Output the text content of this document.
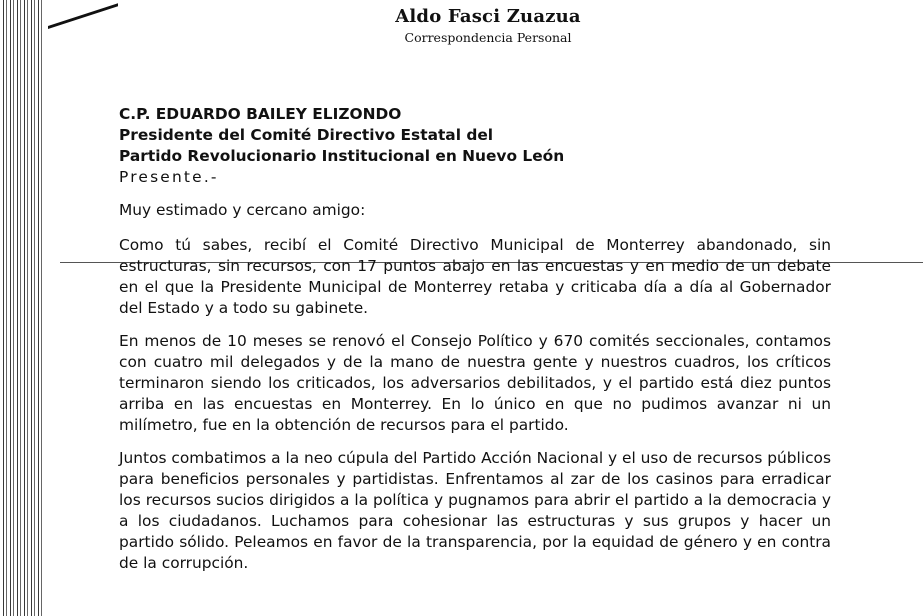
Aldo Fasci Zuazua
Correspondencia Personal
C.P. EDUARDO BAILEY ELIZONDO
Presidente del Comité Directivo Estatal del
Partido Revolucionario Institucional en Nuevo León
Presente.-
Muy estimado y cercano amigo:
Como tú sabes, recibí el Comité Directivo Municipal de Monterrey abandonado, sin estructuras, sin recursos, con 17 puntos abajo en las encuestas y en medio de un debate en el que la Presidente Municipal de Monterrey retaba y criticaba día a día al Gobernador del Estado y a todo su gabinete.
En menos de 10 meses se renovó el Consejo Político y 670 comités seccionales, contamos con cuatro mil delegados y de la mano de nuestra gente y nuestros cuadros, los críticos terminaron siendo los criticados, los adversarios debilitados, y el partido está diez puntos arriba en las encuestas en Monterrey. En lo único en que no pudimos avanzar ni un milímetro, fue en la obtención de recursos para el partido.
Juntos combatimos a la neo cúpula del Partido Acción Nacional y el uso de recursos públicos para beneficios personales y partidistas. Enfrentamos al zar de los casinos para erradicar los recursos sucios dirigidos a la política y pugnamos para abrir el partido a la democracia y a los ciudadanos. Luchamos para cohesionar las estructuras y sus grupos y hacer un partido sólido. Peleamos en favor de la transparencia, por la equidad de género y en contra de la corrupción.
